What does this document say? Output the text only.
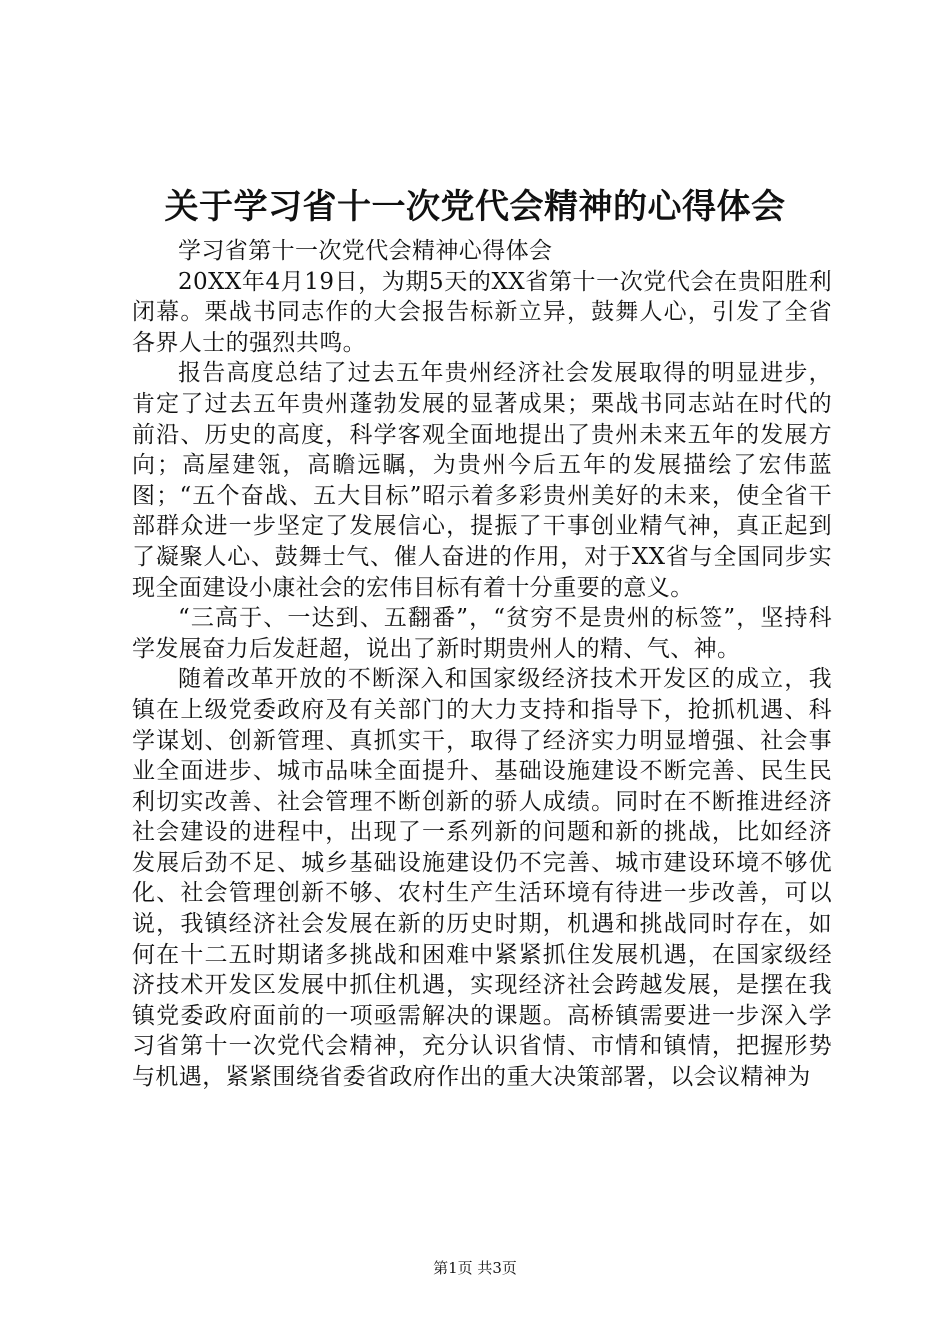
关于学习省十一次党代会精神的心得体会

学习省第十一次党代会精神心得体会

20XX年4月19日，为期5天的XX省第十一次党代会在贵阳胜利闭幕。栗战书同志作的大会报告标新立异，鼓舞人心，引发了全省各界人士的强烈共鸣。

报告高度总结了过去五年贵州经济社会发展取得的明显进步，肯定了过去五年贵州蓬勃发展的显著成果；栗战书同志站在时代的前沿、历史的高度，科学客观全面地提出了贵州未来五年的发展方向；高屋建瓴，高瞻远瞩，为贵州今后五年的发展描绘了宏伟蓝图；“五个奋战、五大目标”昭示着多彩贵州美好的未来，使全省干部群众进一步坚定了发展信心，提振了干事创业精气神，真正起到了凝聚人心、鼓舞士气、催人奋进的作用，对于XX省与全国同步实现全面建设小康社会的宏伟目标有着十分重要的意义。

“三高于、一达到、五翻番”，“贫穷不是贵州的标签”，坚持科学发展奋力后发赶超，说出了新时期贵州人的精、气、神。

随着改革开放的不断深入和国家级经济技术开发区的成立，我镇在上级党委政府及有关部门的大力支持和指导下，抢抓机遇、科学谋划、创新管理、真抓实干，取得了经济实力明显增强、社会事业全面进步、城市品味全面提升、基础设施建设不断完善、民生民利切实改善、社会管理不断创新的骄人成绩。同时在不断推进经济社会建设的进程中，出现了一系列新的问题和新的挑战，比如经济发展后劲不足、城乡基础设施建设仍不完善、城市建设环境不够优化、社会管理创新不够、农村生产生活环境有待进一步改善，可以说，我镇经济社会发展在新的历史时期，机遇和挑战同时存在，如何在十二五时期诸多挑战和困难中紧紧抓住发展机遇，在国家级经济技术开发区发展中抓住机遇，实现经济社会跨越发展，是摆在我镇党委政府面前的一项亟需解决的课题。高桥镇需要进一步深入学习省第十一次党代会精神，充分认识省情、市情和镇情，把握形势与机遇，紧紧围绕省委省政府作出的重大决策部署，以会议精神为

第1页 共3页
